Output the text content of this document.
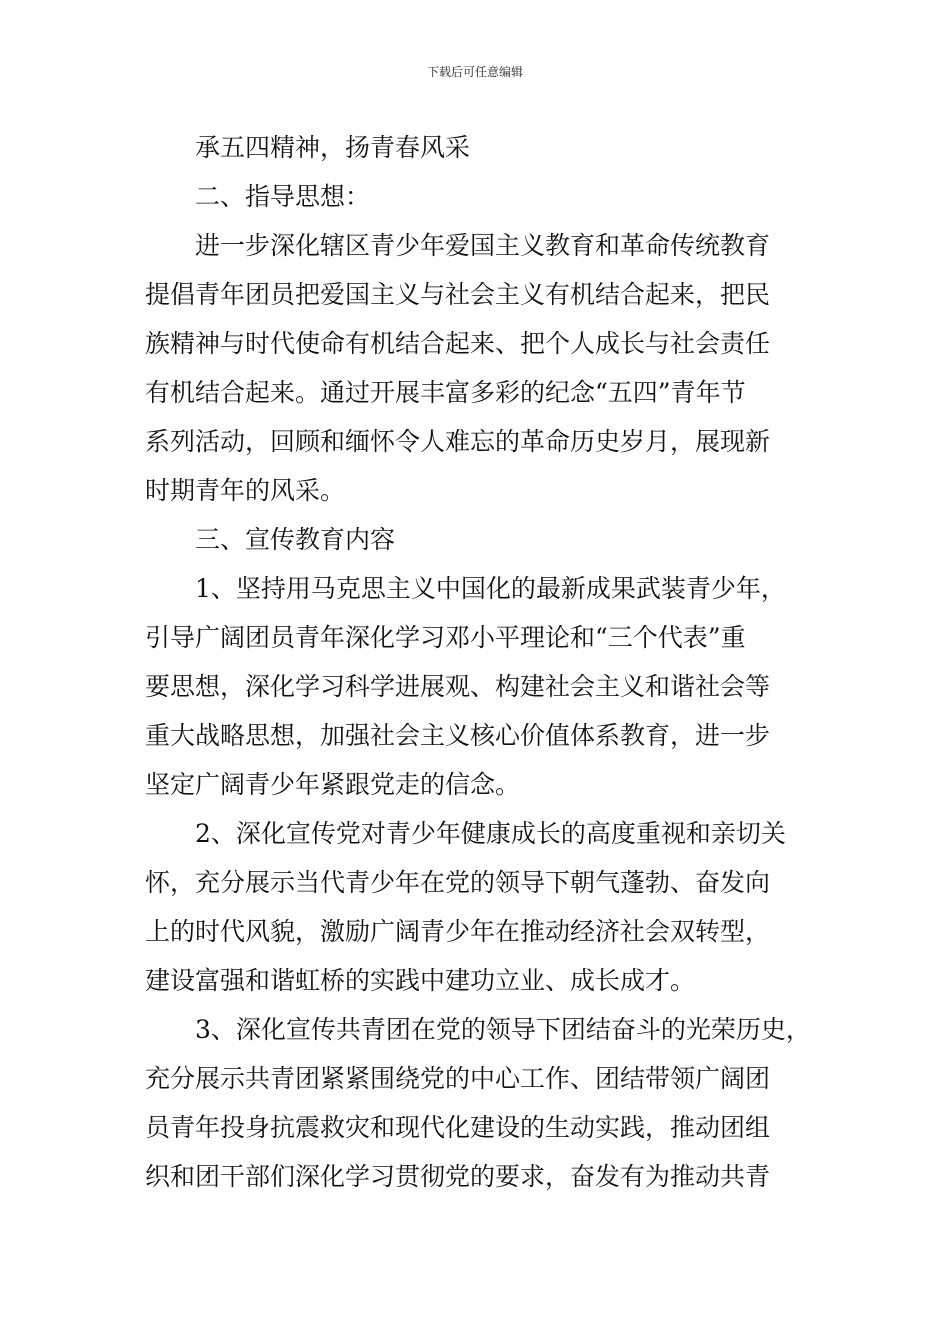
下载后可任意编辑
承五四精神，扬青春风采
二、指导思想：
进一步深化辖区青少年爱国主义教育和革命传统教育
提倡青年团员把爱国主义与社会主义有机结合起来，把民
族精神与时代使命有机结合起来、把个人成长与社会责任
有机结合起来。通过开展丰富多彩的纪念“五四”青年节
系列活动，回顾和缅怀令人难忘的革命历史岁月，展现新
时期青年的风采。
三、宣传教育内容
1、坚持用马克思主义中国化的最新成果武装青少年，
引导广阔团员青年深化学习邓小平理论和“三个代表”重
要思想，深化学习科学进展观、构建社会主义和谐社会等
重大战略思想，加强社会主义核心价值体系教育，进一步
坚定广阔青少年紧跟党走的信念。
2、深化宣传党对青少年健康成长的高度重视和亲切关
怀，充分展示当代青少年在党的领导下朝气蓬勃、奋发向
上的时代风貌，激励广阔青少年在推动经济社会双转型，
建设富强和谐虹桥的实践中建功立业、成长成才。
3、深化宣传共青团在党的领导下团结奋斗的光荣历史，
充分展示共青团紧紧围绕党的中心工作、团结带领广阔团
员青年投身抗震救灾和现代化建设的生动实践，推动团组
织和团干部们深化学习贯彻党的要求，奋发有为推动共青
